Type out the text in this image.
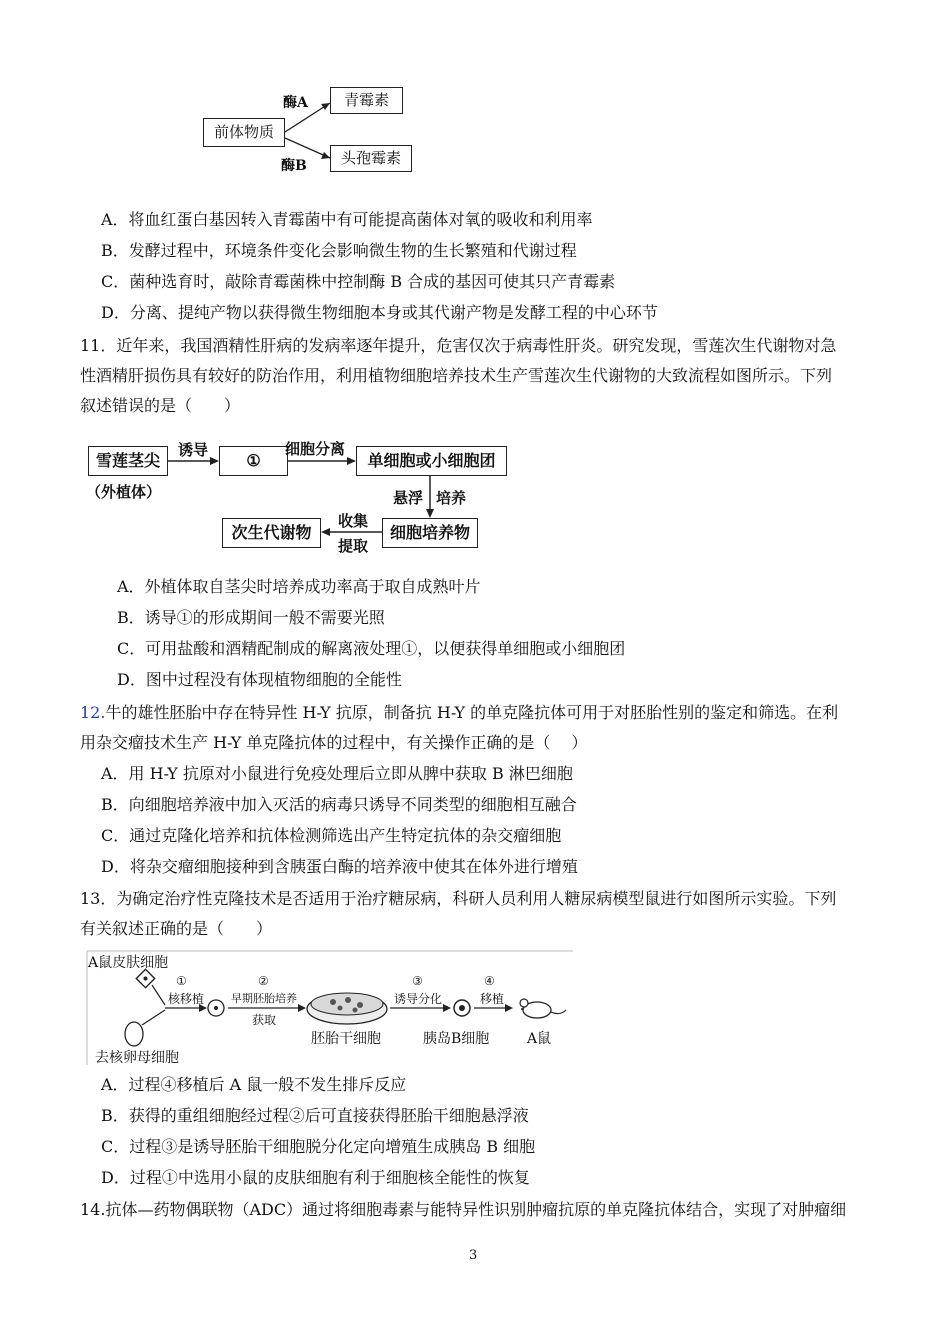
前体物质
酶A
酶B
青霉素
头孢霉素
A．将血红蛋白基因转入青霉菌中有可能提高菌体对氧的吸收和利用率
B．发酵过程中，环境条件变化会影响微生物的生长繁殖和代谢过程
C．菌种选育时，敲除青霉菌株中控制酶 B 合成的基因可使其只产青霉素
D．分离、提纯产物以获得微生物细胞本身或其代谢产物是发酵工程的中心环节
11．近年来，我国酒精性肝病的发病率逐年提升，危害仅次于病毒性肝炎。研究发现，雪莲次生代谢物对急
性酒精肝损伤具有较好的防治作用，利用植物细胞培养技术生产雪莲次生代谢物的大致流程如图所示。下列
叙述错误的是（　　）
雪莲茎尖
（外植体）
诱导
①
细胞分离
单细胞或小细胞团
悬浮 培养
细胞培养物
收集
提取
次生代谢物
A．外植体取自茎尖时培养成功率高于取自成熟叶片
B．诱导①的形成期间一般不需要光照
C．可用盐酸和酒精配制成的解离液处理①，以便获得单细胞或小细胞团
D．图中过程没有体现植物细胞的全能性
12.牛的雄性胚胎中存在特异性 H-Y 抗原，制备抗 H-Y 的单克隆抗体可用于对胚胎性别的鉴定和筛选。在利
用杂交瘤技术生产 H-Y 单克隆抗体的过程中，有关操作正确的是（　 ）
A．用 H-Y 抗原对小鼠进行免疫处理后立即从脾中获取 B 淋巴细胞
B．向细胞培养液中加入灭活的病毒只诱导不同类型的细胞相互融合
C．通过克隆化培养和抗体检测筛选出产生特定抗体的杂交瘤细胞
D．将杂交瘤细胞接种到含胰蛋白酶的培养液中使其在体外进行增殖
13．为确定治疗性克隆技术是否适用于治疗糖尿病，科研人员利用人糖尿病模型鼠进行如图所示实验。下列
有关叙述正确的是（　　）
A鼠皮肤细胞
去核卵母细胞
①
核移植
②
早期胚胎培养
获取
胚胎干细胞
③
诱导分化
胰岛B细胞
④
移植
A鼠
A．过程④移植后 A 鼠一般不发生排斥反应
B．获得的重组细胞经过程②后可直接获得胚胎干细胞悬浮液
C．过程③是诱导胚胎干细胞脱分化定向增殖生成胰岛 B 细胞
D．过程①中选用小鼠的皮肤细胞有利于细胞核全能性的恢复
14.抗体—药物偶联物（ADC）通过将细胞毒素与能特异性识别肿瘤抗原的单克隆抗体结合，实现了对肿瘤细
3
